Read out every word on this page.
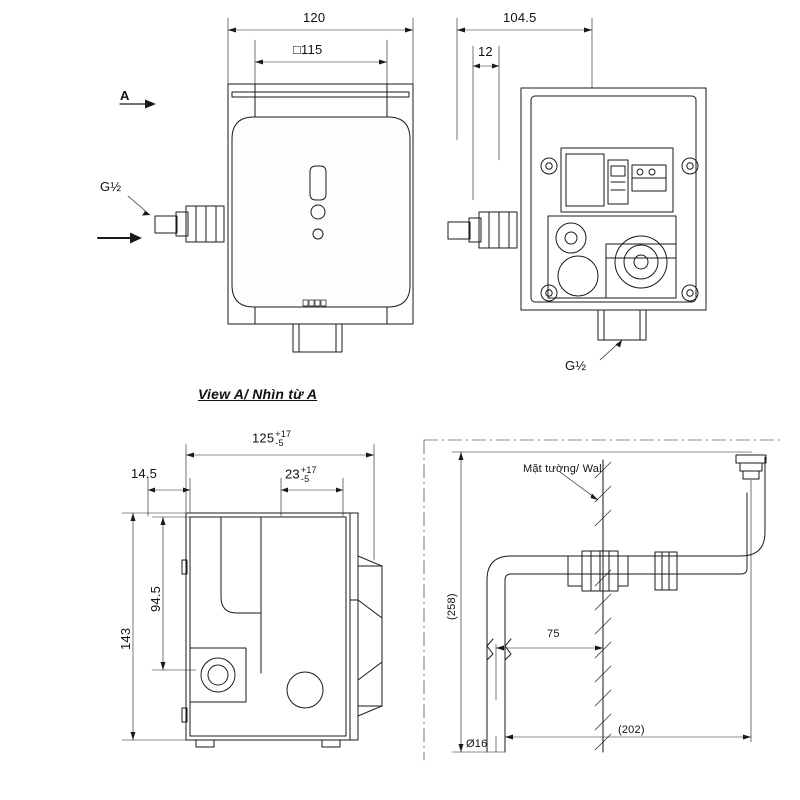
120
□115
G½
A
104.5
12
G½
View A/ Nhìn từ A
125 +17
-5
14.5	23 +17
-5
94.5
143
Mặt tường/ Wall
(258)
75
(202)
Ø16
